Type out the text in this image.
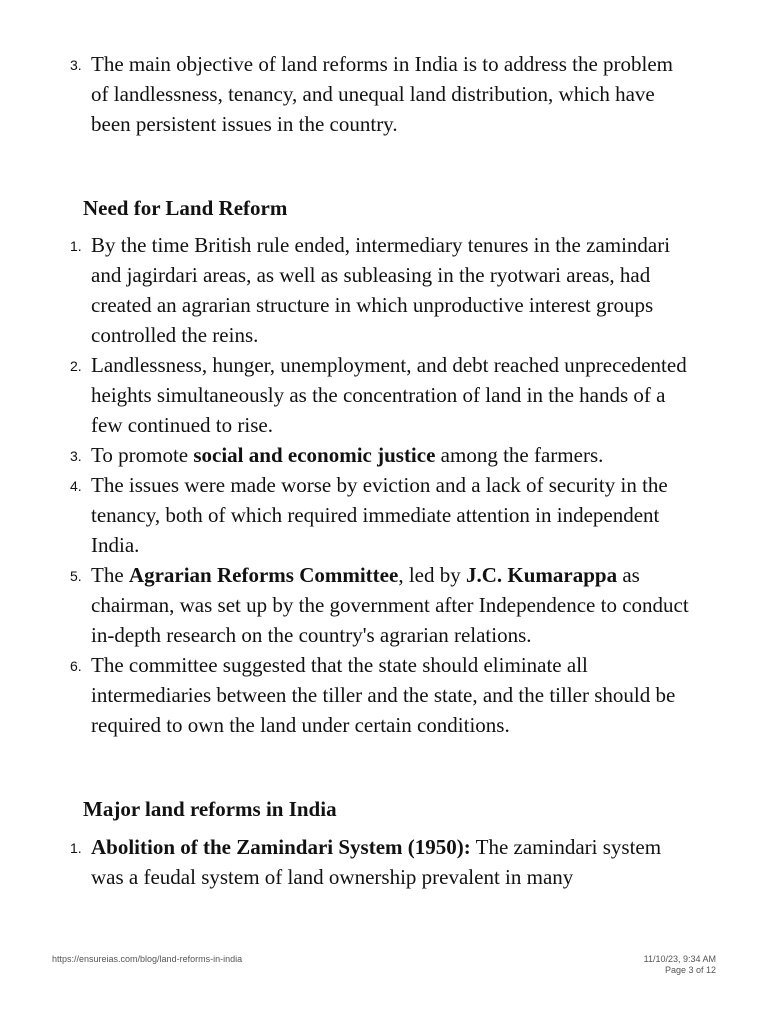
3. The main objective of land reforms in India is to address the problem of landlessness, tenancy, and unequal land distribution, which have been persistent issues in the country.
Need for Land Reform
1. By the time British rule ended, intermediary tenures in the zamindari and jagirdari areas, as well as subleasing in the ryotwari areas, had created an agrarian structure in which unproductive interest groups controlled the reins.
2. Landlessness, hunger, unemployment, and debt reached unprecedented heights simultaneously as the concentration of land in the hands of a few continued to rise.
3. To promote social and economic justice among the farmers.
4. The issues were made worse by eviction and a lack of security in the tenancy, both of which required immediate attention in independent India.
5. The Agrarian Reforms Committee, led by J.C. Kumarappa as chairman, was set up by the government after Independence to conduct in-depth research on the country's agrarian relations.
6. The committee suggested that the state should eliminate all intermediaries between the tiller and the state, and the tiller should be required to own the land under certain conditions.
Major land reforms in India
1. Abolition of the Zamindari System (1950): The zamindari system was a feudal system of land ownership prevalent in many
https://ensureias.com/blog/land-reforms-in-india	11/10/23, 9:34 AM
Page 3 of 12
